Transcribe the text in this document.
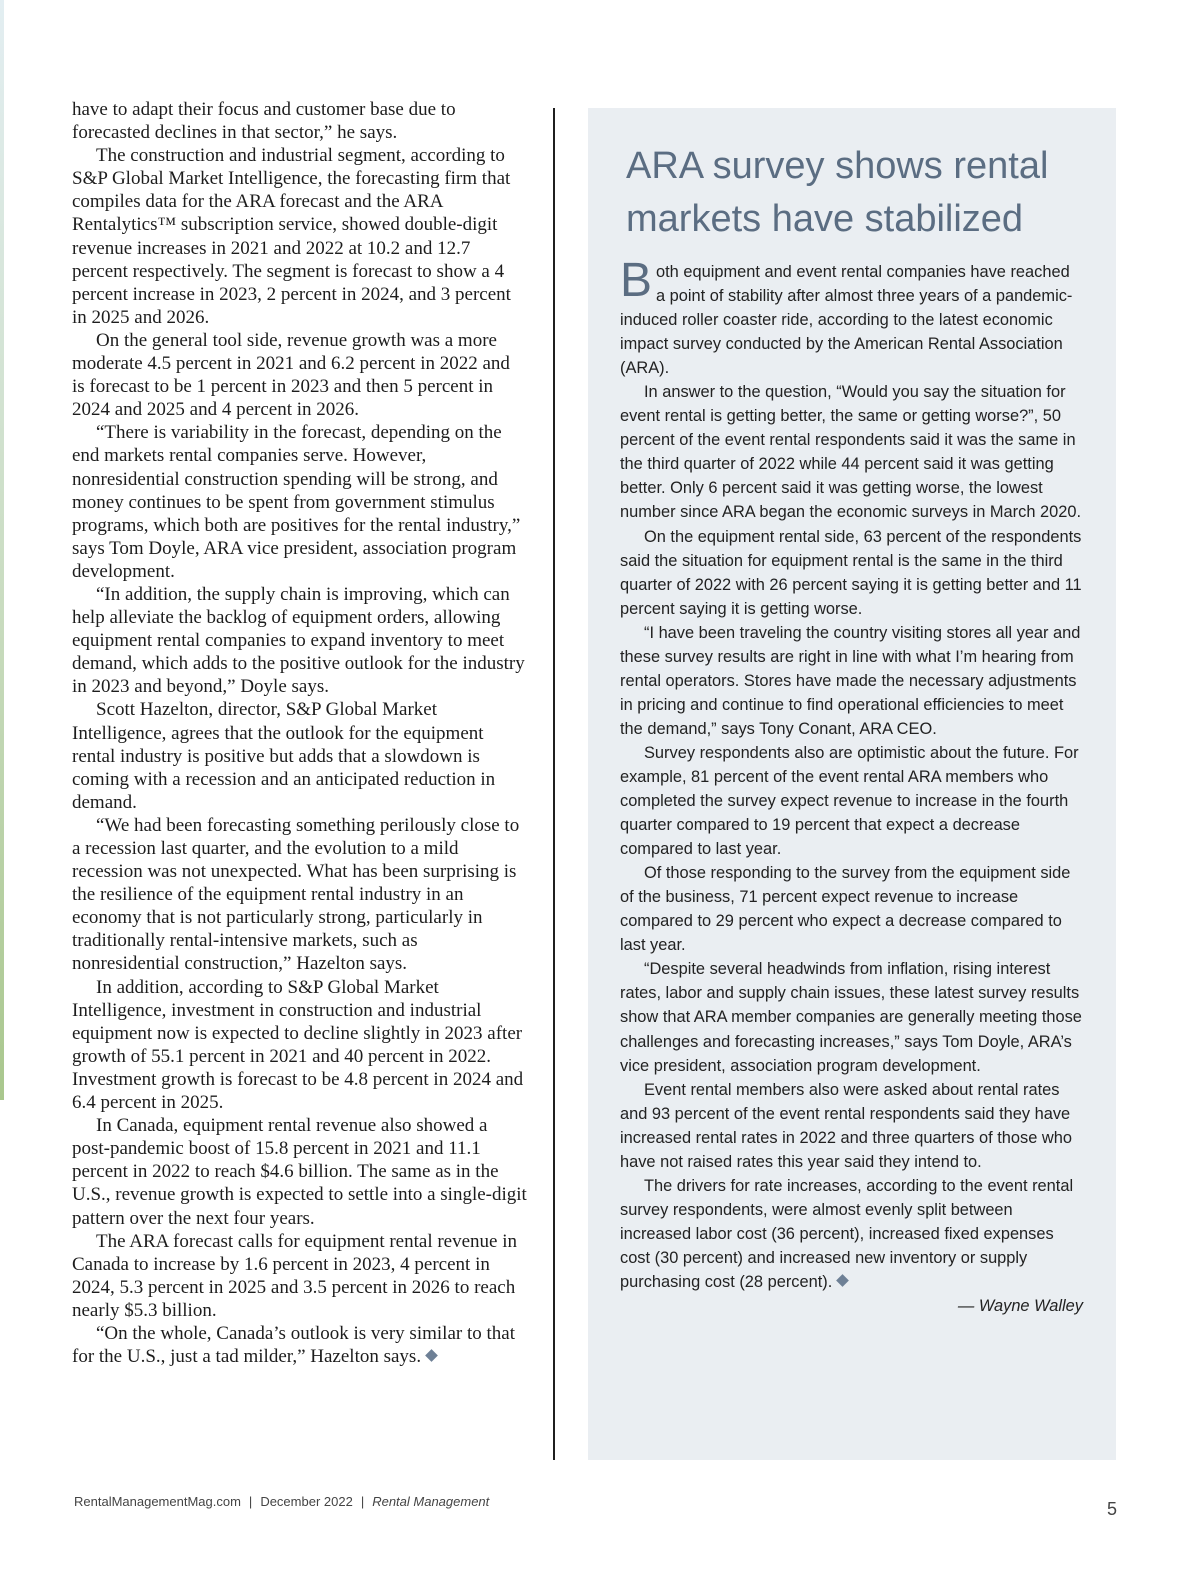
have to adapt their focus and customer base due to forecasted declines in that sector,” he says.

The construction and industrial segment, according to S&P Global Market Intelligence, the forecasting firm that compiles data for the ARA forecast and the ARA Rentalytics™ subscription service, showed double-digit revenue increases in 2021 and 2022 at 10.2 and 12.7 percent respectively. The segment is forecast to show a 4 percent increase in 2023, 2 percent in 2024, and 3 percent in 2025 and 2026.

On the general tool side, revenue growth was a more moderate 4.5 percent in 2021 and 6.2 percent in 2022 and is forecast to be 1 percent in 2023 and then 5 percent in 2024 and 2025 and 4 percent in 2026.

“There is variability in the forecast, depending on the end markets rental companies serve. However, nonresidential construction spending will be strong, and money continues to be spent from government stimulus programs, which both are positives for the rental industry,” says Tom Doyle, ARA vice president, association program development.

“In addition, the supply chain is improving, which can help alleviate the backlog of equipment orders, allowing equipment rental companies to expand inventory to meet demand, which adds to the positive outlook for the industry in 2023 and beyond,” Doyle says.

Scott Hazelton, director, S&P Global Market Intelligence, agrees that the outlook for the equipment rental industry is positive but adds that a slowdown is coming with a recession and an anticipated reduction in demand.

“We had been forecasting something perilously close to a recession last quarter, and the evolution to a mild recession was not unexpected. What has been surprising is the resilience of the equipment rental industry in an economy that is not particularly strong, particularly in traditionally rental-intensive markets, such as nonresidential construction,” Hazelton says.

In addition, according to S&P Global Market Intelligence, investment in construction and industrial equipment now is expected to decline slightly in 2023 after growth of 55.1 percent in 2021 and 40 percent in 2022. Investment growth is forecast to be 4.8 percent in 2024 and 6.4 percent in 2025.

In Canada, equipment rental revenue also showed a post-pandemic boost of 15.8 percent in 2021 and 11.1 percent in 2022 to reach $4.6 billion. The same as in the U.S., revenue growth is expected to settle into a single-digit pattern over the next four years.

The ARA forecast calls for equipment rental revenue in Canada to increase by 1.6 percent in 2023, 4 percent in 2024, 5.3 percent in 2025 and 3.5 percent in 2026 to reach nearly $5.3 billion.

“On the whole, Canada’s outlook is very similar to that for the U.S., just a tad milder,” Hazelton says.

ARA survey shows rental markets have stabilized

Both equipment and event rental companies have reached a point of stability after almost three years of a pandemic-induced roller coaster ride, according to the latest economic impact survey conducted by the American Rental Association (ARA).

In answer to the question, “Would you say the situation for event rental is getting better, the same or getting worse?”, 50 percent of the event rental respondents said it was the same in the third quarter of 2022 while 44 percent said it was getting better. Only 6 percent said it was getting worse, the lowest number since ARA began the economic surveys in March 2020.

On the equipment rental side, 63 percent of the respondents said the situation for equipment rental is the same in the third quarter of 2022 with 26 percent saying it is getting better and 11 percent saying it is getting worse.

“I have been traveling the country visiting stores all year and these survey results are right in line with what I’m hearing from rental operators. Stores have made the necessary adjustments in pricing and continue to find operational efficiencies to meet the demand,” says Tony Conant, ARA CEO.

Survey respondents also are optimistic about the future. For example, 81 percent of the event rental ARA members who completed the survey expect revenue to increase in the fourth quarter compared to 19 percent that expect a decrease compared to last year.

Of those responding to the survey from the equipment side of the business, 71 percent expect revenue to increase compared to 29 percent who expect a decrease compared to last year.

“Despite several headwinds from inflation, rising interest rates, labor and supply chain issues, these latest survey results show that ARA member companies are generally meeting those challenges and forecasting increases,” says Tom Doyle, ARA’s vice president, association program development.

Event rental members also were asked about rental rates and 93 percent of the event rental respondents said they have increased rental rates in 2022 and three quarters of those who have not raised rates this year said they intend to.

The drivers for rate increases, according to the event rental survey respondents, were almost evenly split between increased labor cost (36 percent), increased fixed expenses cost (30 percent) and increased new inventory or supply purchasing cost (28 percent).

— Wayne Walley

RentalManagementMag.com | December 2022 | Rental Management	5
